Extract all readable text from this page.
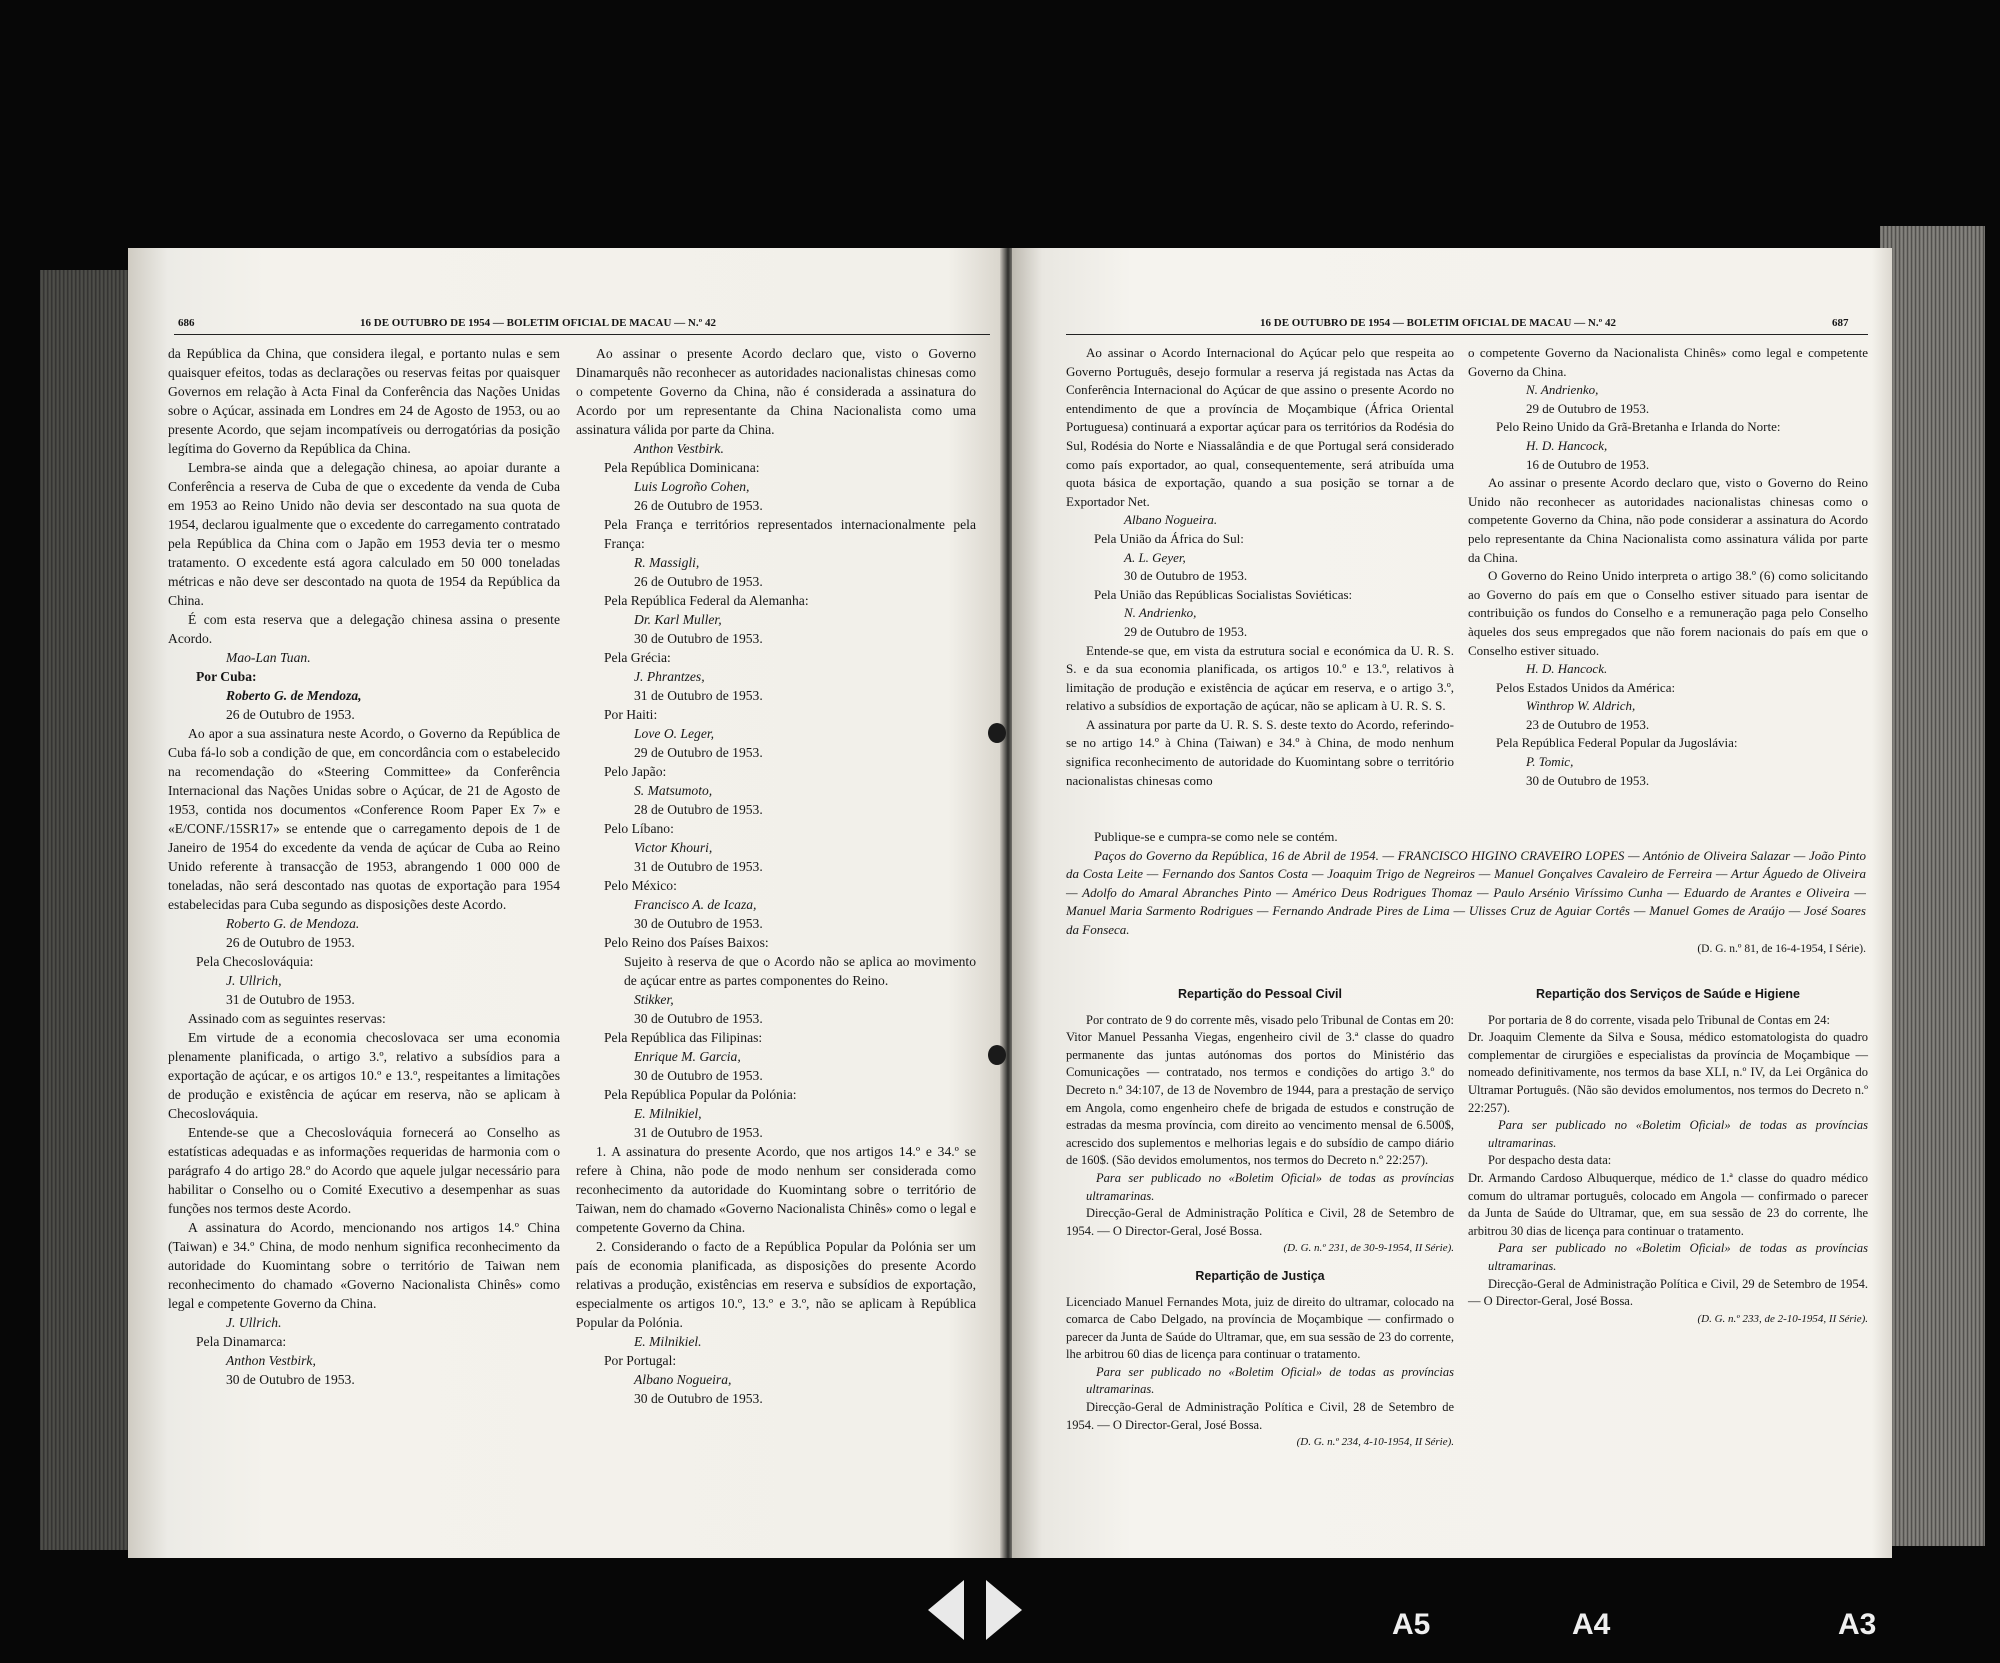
686	16 DE OUTUBRO DE 1954 — BOLETIM OFICIAL DE MACAU — N.º 42

da República da China, que considera ilegal, e portanto nulas e sem quaisquer efeitos, todas as declarações ou reservas feitas por quaisquer Governos em relação à Acta Final da Conferência das Nações Unidas sobre o Açúcar, assinada em Londres em 24 de Agosto de 1953, ou ao presente Acordo, que sejam incompatíveis ou derrogatórias da posição legítima do Governo da República da China.

Lembra-se ainda que a delegação chinesa, ao apoiar durante a Conferência a reserva de Cuba de que o excedente da venda de Cuba em 1953 ao Reino Unido não devia ser descontado na sua quota de 1954, declarou igualmente que o excedente do carregamento contratado pela República da China com o Japão em 1953 devia ter o mesmo tratamento. O excedente está agora calculado em 50 000 toneladas métricas e não deve ser descontado na quota de 1954 da República da China.

É com esta reserva que a delegação chinesa assina o presente Acordo.

Mao-Lan Tuan.

Por Cuba:

Roberto G. de Mendoza,

26 de Outubro de 1953.

Ao apor a sua assinatura neste Acordo, o Governo da República de Cuba fá-lo sob a condição de que, em concordância com o estabelecido na recomendação do «Steering Committee» da Conferência Internacional das Nações Unidas sobre o Açúcar, de 21 de Agosto de 1953, contida nos documentos «Conference Room Paper Ex 7» e «E/CONF./15SR17» se entende que o carregamento depois de 1 de Janeiro de 1954 do excedente da venda de açúcar de Cuba ao Reino Unido referente à transacção de 1953, abrangendo 1 000 000 de toneladas, não será descontado nas quotas de exportação para 1954 estabelecidas para Cuba segundo as disposições deste Acordo.

Roberto G. de Mendoza.

26 de Outubro de 1953.

Pela Checoslováquia:

J. Ullrich,

31 de Outubro de 1953.

Assinado com as seguintes reservas:

Em virtude de a economia checoslovaca ser uma economia plenamente planificada, o artigo 3.º, relativo a subsídios para a exportação de açúcar, e os artigos 10.º e 13.º, respeitantes a limitações de produção e existência de açúcar em reserva, não se aplicam à Checoslováquia.

Entende-se que a Checoslováquia fornecerá ao Conselho as estatísticas adequadas e as informações requeridas de harmonia com o parágrafo 4 do artigo 28.º do Acordo que aquele julgar necessário para habilitar o Conselho ou o Comité Executivo a desempenhar as suas funções nos termos deste Acordo.

A assinatura do Acordo, mencionando nos artigos 14.º China (Taiwan) e 34.º China, de modo nenhum significa reconhecimento da autoridade do Kuomintang sobre o território de Taiwan nem reconhecimento do chamado «Governo Nacionalista Chinês» como legal e competente Governo da China.

J. Ullrich.

Pela Dinamarca:

Anthon Vestbirk,

30 de Outubro de 1953.

Ao assinar o presente Acordo declaro que, visto o Governo Dinamarquês não reconhecer as autoridades nacionalistas chinesas como o competente Governo da China, não é considerada a assinatura do Acordo por um representante da China Nacionalista como uma assinatura válida por parte da China.

Anthon Vestbirk.

Pela República Dominicana:

Luis Logroño Cohen,

26 de Outubro de 1953.

Pela França e territórios representados internacionalmente pela França:

R. Massigli,

26 de Outubro de 1953.

Pela República Federal da Alemanha:

Dr. Karl Muller,

30 de Outubro de 1953.

Pela Grécia:

J. Phrantzes,

31 de Outubro de 1953.

Por Haiti:

Love O. Leger,

29 de Outubro de 1953.

Pelo Japão:

S. Matsumoto,

28 de Outubro de 1953.

Pelo Líbano:

Victor Khouri,

31 de Outubro de 1953.

Pelo México:

Francisco A. de Icaza,

30 de Outubro de 1953.

Pelo Reino dos Países Baixos:

Sujeito à reserva de que o Acordo não se aplica ao movimento de açúcar entre as partes componentes do Reino.

Stikker,

30 de Outubro de 1953.

Pela República das Filipinas:

Enrique M. Garcia,

30 de Outubro de 1953.

Pela República Popular da Polónia:

E. Milnikiel,

31 de Outubro de 1953.

1. A assinatura do presente Acordo, que nos artigos 14.º e 34.º se refere à China, não pode de modo nenhum ser considerada como reconhecimento da autoridade do Kuomintang sobre o território de Taiwan, nem do chamado «Governo Nacionalista Chinês» como o legal e competente Governo da China.

2. Considerando o facto de a República Popular da Polónia ser um país de economia planificada, as disposições do presente Acordo relativas a produção, existências em reserva e subsídios de exportação, especialmente os artigos 10.º, 13.º e 3.º, não se aplicam à República Popular da Polónia.

E. Milnikiel.

Por Portugal:

Albano Nogueira,

30 de Outubro de 1953.

16 DE OUTUBRO DE 1954 — BOLETIM OFICIAL DE MACAU — N.º 42	687

Ao assinar o Acordo Internacional do Açúcar pelo que respeita ao Governo Português, desejo formular a reserva já registada nas Actas da Conferência Internacional do Açúcar de que assino o presente Acordo no entendimento de que a província de Moçambique (África Oriental Portuguesa) continuará a exportar açúcar para os territórios da Rodésia do Sul, Rodésia do Norte e Niassalândia e de que Portugal será considerado como país exportador, ao qual, consequentemente, será atribuída uma quota básica de exportação, quando a sua posição se tornar a de Exportador Net.

Albano Nogueira.

Pela União da África do Sul:

A. L. Geyer,

30 de Outubro de 1953.

Pela União das Repúblicas Socialistas Soviéticas:

N. Andrienko,

29 de Outubro de 1953.

Entende-se que, em vista da estrutura social e económica da U. R. S. S. e da sua economia planificada, os artigos 10.º e 13.º, relativos à limitação de produção e existência de açúcar em reserva, e o artigo 3.º, relativo a subsídios de exportação de açúcar, não se aplicam à U. R. S. S.

A assinatura por parte da U. R. S. S. deste texto do Acordo, referindo-se no artigo 14.º à China (Taiwan) e 34.º à China, de modo nenhum significa reconhecimento de autoridade do Kuomintang sobre o território nacionalistas chinesas como

o competente Governo da Nacionalista Chinês» como legal e competente Governo da China.

N. Andrienko,

29 de Outubro de 1953.

Pelo Reino Unido da Grã-Bretanha e Irlanda do Norte:

H. D. Hancock,

16 de Outubro de 1953.

Ao assinar o presente Acordo declaro que, visto o Governo do Reino Unido não reconhecer as autoridades nacionalistas chinesas como o competente Governo da China, não pode considerar a assinatura do Acordo pelo representante da China Nacionalista como assinatura válida por parte da China.

O Governo do Reino Unido interpreta o artigo 38.º (6) como solicitando ao Governo do país em que o Conselho estiver situado para isentar de contribuição os fundos do Conselho e a remuneração paga pelo Conselho àqueles dos seus empregados que não forem nacionais do país em que o Conselho estiver situado.

H. D. Hancock.

Pelos Estados Unidos da América:

Winthrop W. Aldrich,

23 de Outubro de 1953.

Pela República Federal Popular da Jugoslávia:

P. Tomic,

30 de Outubro de 1953.

Publique-se e cumpra-se como nele se contém.

Paços do Governo da República, 16 de Abril de 1954. — FRANCISCO HIGINO CRAVEIRO LOPES — António de Oliveira Salazar — João Pinto da Costa Leite — Fernando dos Santos Costa — Joaquim Trigo de Negreiros — Manuel Gonçalves Cavaleiro de Ferreira — Artur Águedo de Oliveira — Adolfo do Amaral Abranches Pinto — Américo Deus Rodrigues Thomaz — Paulo Arsénio Viríssimo Cunha — Eduardo de Arantes e Oliveira — Manuel Maria Sarmento Rodrigues — Fernando Andrade Pires de Lima — Ulisses Cruz de Aguiar Cortês — Manuel Gomes de Araújo — José Soares da Fonseca.

(D. G. n.º 81, de 16-4-1954, I Série).

Repartição do Pessoal Civil

Por contrato de 9 do corrente mês, visado pelo Tribunal de Contas em 20:

Vitor Manuel Pessanha Viegas, engenheiro civil de 3.ª classe do quadro permanente das juntas autónomas dos portos do Ministério das Comunicações — contratado, nos termos e condições do artigo 3.º do Decreto n.º 34:107, de 13 de Novembro de 1944, para a prestação de serviço em Angola, como engenheiro chefe de brigada de estudos e construção de estradas da mesma província, com direito ao vencimento mensal de 6.500$, acrescido dos suplementos e melhorias legais e do subsídio de campo diário de 160$. (São devidos emolumentos, nos termos do Decreto n.º 22:257).

Para ser publicado no «Boletim Oficial» de todas as províncias ultramarinas.

Direcção-Geral de Administração Política e Civil, 28 de Setembro de 1954. — O Director-Geral, José Bossa.

(D. G. n.º 231, de 30-9-1954, II Série).

Repartição de Justiça

Licenciado Manuel Fernandes Mota, juiz de direito do ultramar, colocado na comarca de Cabo Delgado, na província de Moçambique — confirmado o parecer da Junta de Saúde do Ultramar, que, em sua sessão de 23 do corrente, lhe arbitrou 60 dias de licença para continuar o tratamento.

Para ser publicado no «Boletim Oficial» de todas as províncias ultramarinas.

Direcção-Geral de Administração Política e Civil, 28 de Setembro de 1954. — O Director-Geral, José Bossa.

(D. G. n.º 234, 4-10-1954, II Série).

Repartição dos Serviços de Saúde e Higiene

Por portaria de 8 do corrente, visada pelo Tribunal de Contas em 24:

Dr. Joaquim Clemente da Silva e Sousa, médico estomatologista do quadro complementar de cirurgiões e especialistas da província de Moçambique — nomeado definitivamente, nos termos da base XLI, n.º IV, da Lei Orgânica do Ultramar Português. (Não são devidos emolumentos, nos termos do Decreto n.º 22:257).

Para ser publicado no «Boletim Oficial» de todas as províncias ultramarinas.

Por despacho desta data:

Dr. Armando Cardoso Albuquerque, médico de 1.ª classe do quadro médico comum do ultramar português, colocado em Angola — confirmado o parecer da Junta de Saúde do Ultramar, que, em sua sessão de 23 do corrente, lhe arbitrou 30 dias de licença para continuar o tratamento.

Para ser publicado no «Boletim Oficial» de todas as províncias ultramarinas.

Direcção-Geral de Administração Política e Civil, 29 de Setembro de 1954. — O Director-Geral, José Bossa.

(D. G. n.º 233, de 2-10-1954, II Série).

A5	A4	A3
